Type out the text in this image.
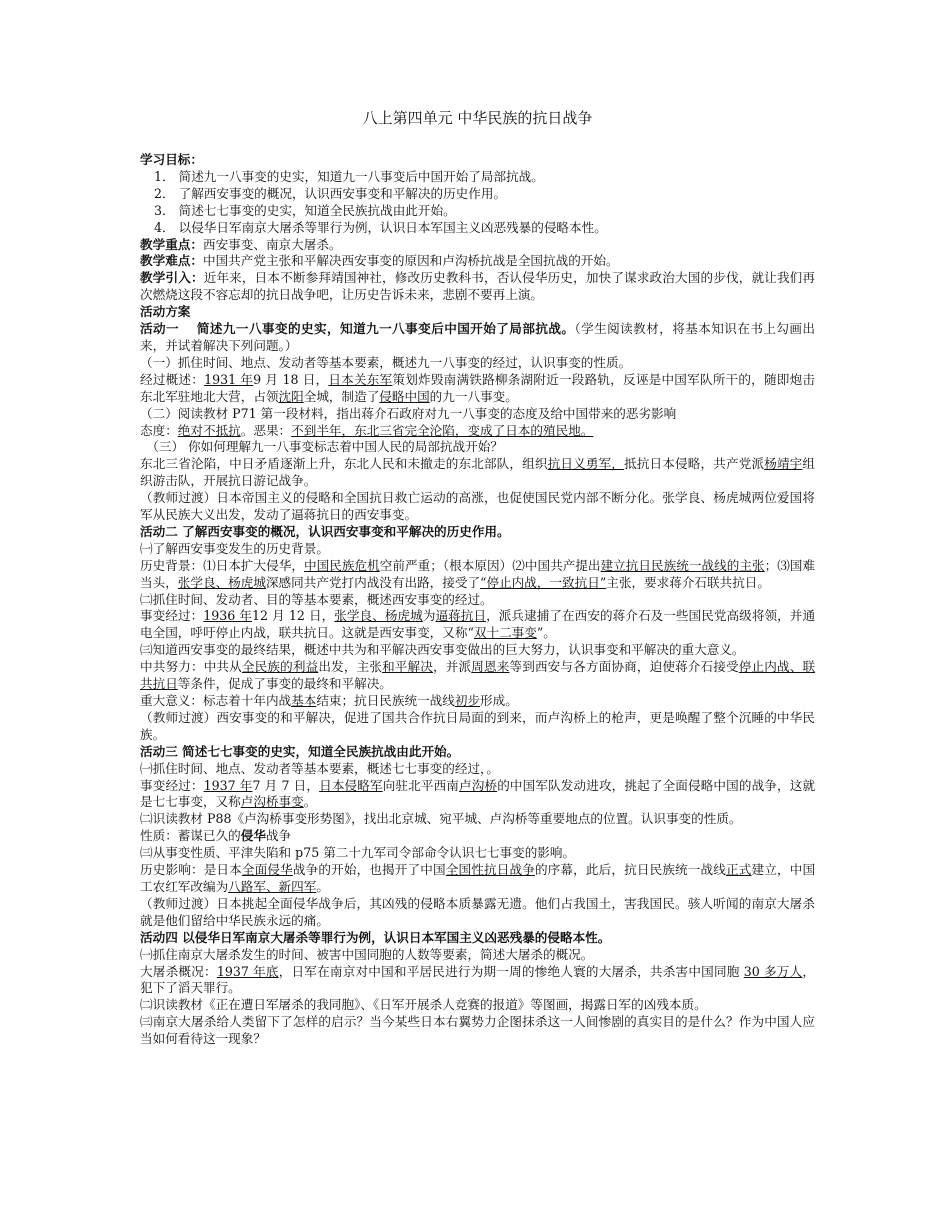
八上第四单元 中华民族的抗日战争

学习目标：

1． 简述九一八事变的史实，知道九一八事变后中国开始了局部抗战。

2． 了解西安事变的概况，认识西安事变和平解决的历史作用。

3． 简述七七事变的史实，知道全民族抗战由此开始。

4． 以侵华日军南京大屠杀等罪行为例，认识日本军国主义凶恶残暴的侵略本性。

教学重点：西安事变、南京大屠杀。

教学难点：中国共产党主张和平解决西安事变的原因和卢沟桥抗战是全国抗战的开始。

教学引入：近年来，日本不断参拜靖国神社，修改历史教科书，否认侵华历史，加快了谋求政治大国的步伐，就让我们再次燃烧这段不容忘却的抗日战争吧，让历史告诉未来，悲剧不要再上演。

活动方案

活动一　 简述九一八事变的史实，知道九一八事变后中国开始了局部抗战。（学生阅读教材，将基本知识在书上勾画出来，并试着解决下列问题。）

（一）抓住时间、地点、发动者等基本要素，概述九一八事变的经过，认识事变的性质。

经过概述：1931 年9 月 18 日，日本关东军策划炸毁南满铁路柳条湖附近一段路轨，反诬是中国军队所干的，随即炮击东北军驻地北大营，占领沈阳全城，制造了侵略中国的九一八事变。

（二）阅读教材 P71 第一段材料，指出蒋介石政府对九一八事变的态度及给中国带来的恶劣影响

态度：绝对不抵抗。恶果：不到半年，东北三省完全沦陷，变成了日本的殖民地。

　（三） 你如何理解九一八事变标志着中国人民的局部抗战开始？

东北三省沦陷，中日矛盾逐渐上升，东北人民和未撤走的东北部队，组织抗日义勇军，抵抗日本侵略，共产党派杨靖宇组织游击队，开展抗日游记战争。

（教师过渡）日本帝国主义的侵略和全国抗日救亡运动的高涨，也促使国民党内部不断分化。张学良、杨虎城两位爱国将军从民族大义出发，发动了逼蒋抗日的西安事变。

活动二 了解西安事变的概况，认识西安事变和平解决的历史作用。

㈠了解西安事变发生的历史背景。

历史背景：⑴日本扩大侵华，中国民族危机空前严重；（根本原因）⑵中国共产提出建立抗日民族统一战线的主张；⑶国难当头，张学良、杨虎城深感同共产党打内战没有出路，接受了“停止内战，一致抗日”主张，要求蒋介石联共抗日。

㈡抓住时间、发动者、目的等基本要素，概述西安事变的经过。

事变经过：1936 年12 月 12 日，张学良、杨虎城为逼蒋抗日，派兵逮捕了在西安的蒋介石及一些国民党高级将领，并通电全国，呼吁停止内战，联共抗日。这就是西安事变，又称“双十二事变”。

㈢知道西安事变的最终结果，概述中共为和平解决西安事变做出的巨大努力，认识事变和平解决的重大意义。

中共努力：中共从全民族的利益出发，主张和平解决，并派周恩来等到西安与各方面协商，迫使蒋介石接受停止内战、联共抗日等条件，促成了事变的最终和平解决。

重大意义：标志着十年内战基本结束；抗日民族统一战线初步形成。

（教师过渡）西安事变的和平解决，促进了国共合作抗日局面的到来，而卢沟桥上的枪声，更是唤醒了整个沉睡的中华民族。

活动三 简述七七事变的史实，知道全民族抗战由此开始。

㈠抓住时间、地点、发动者等基本要素，概述七七事变的经过，。

事变经过：1937 年7 月 7 日，日本侵略军向驻北平西南卢沟桥的中国军队发动进攻，挑起了全面侵略中国的战争，这就是七七事变，又称卢沟桥事变。

㈡识读教材 P88《卢沟桥事变形势图》，找出北京城、宛平城、卢沟桥等重要地点的位置。认识事变的性质。

性质：蓄谋已久的侵华战争

㈢从事变性质、平津失陷和 p75 第二十九军司令部命令认识七七事变的影响。

历史影响：是日本全面侵华战争的开始，也揭开了中国全国性抗日战争的序幕，此后，抗日民族统一战线正式建立，中国工农红军改编为八路军、新四军。

（教师过渡）日本挑起全面侵华战争后，其凶残的侵略本质暴露无遗。他们占我国土，害我国民。骇人听闻的南京大屠杀就是他们留给中华民族永远的痛。

活动四 以侵华日军南京大屠杀等罪行为例，认识日本军国主义凶恶残暴的侵略本性。

㈠抓住南京大屠杀发生的时间、被害中国同胞的人数等要素，简述大屠杀的概况。

大屠杀概况：1937 年底，日军在南京对中国和平居民进行为期一周的惨绝人寰的大屠杀，共杀害中国同胞 30 多万人，犯下了滔天罪行。

㈡识读教材《正在遭日军屠杀的我同胞》、《日军开展杀人竞赛的报道》等图画，揭露日军的凶残本质。

㈢南京大屠杀给人类留下了怎样的启示？当今某些日本右翼势力企图抹杀这一人间惨剧的真实目的是什么？作为中国人应当如何看待这一现象？
